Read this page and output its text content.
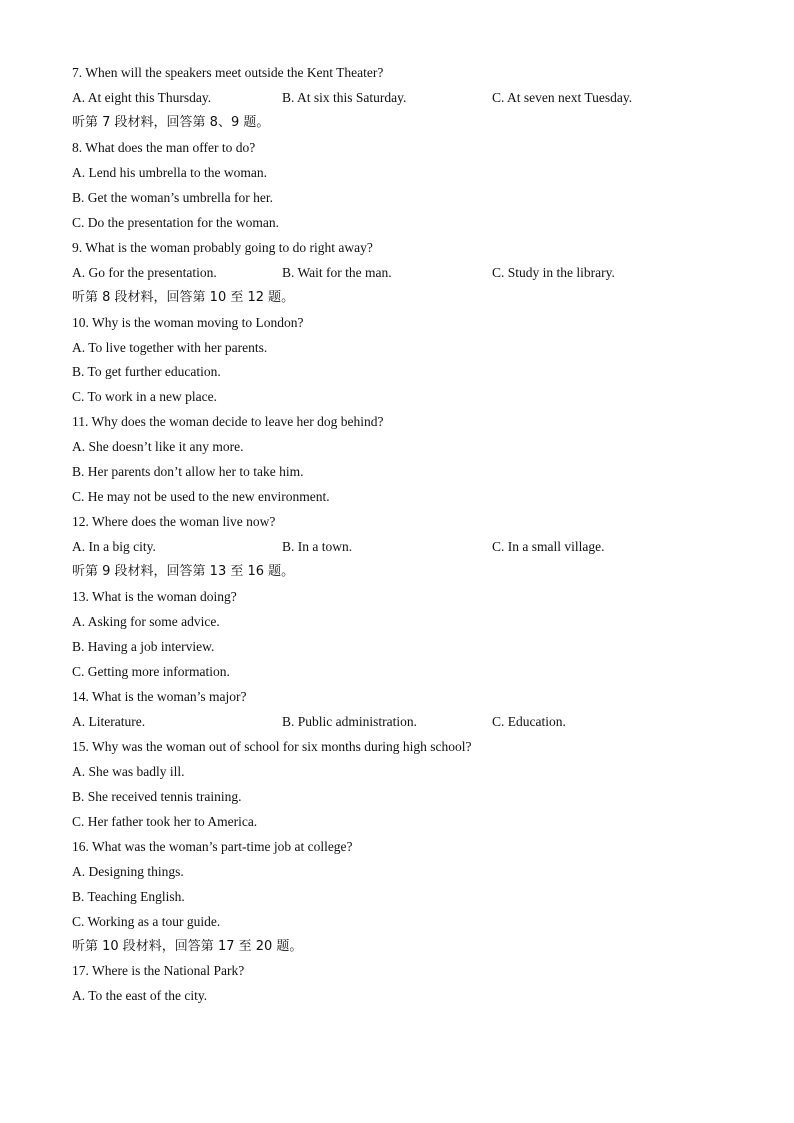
7. When will the speakers meet outside the Kent Theater?
A. At eight this Thursday.	B. At six this Saturday.	C. At seven next Tuesday.
听第 7 段材料，回答第 8、9 题。
8. What does the man offer to do?
A. Lend his umbrella to the woman.
B. Get the woman’s umbrella for her.
C. Do the presentation for the woman.
9. What is the woman probably going to do right away?
A. Go for the presentation.	B. Wait for the man.	C. Study in the library.
听第 8 段材料，回答第 10 至 12 题。
10. Why is the woman moving to London?
A. To live together with her parents.
B. To get further education.
C. To work in a new place.
11. Why does the woman decide to leave her dog behind?
A. She doesn’t like it any more.
B. Her parents don’t allow her to take him.
C. He may not be used to the new environment.
12. Where does the woman live now?
A. In a big city.	B. In a town.	C. In a small village.
听第 9 段材料，回答第 13 至 16 题。
13. What is the woman doing?
A. Asking for some advice.
B. Having a job interview.
C. Getting more information.
14. What is the woman’s major?
A. Literature.	B. Public administration.	C. Education.
15. Why was the woman out of school for six months during high school?
A. She was badly ill.
B. She received tennis training.
C. Her father took her to America.
16. What was the woman’s part-time job at college?
A. Designing things.
B. Teaching English.
C. Working as a tour guide.
听第 10 段材料，回答第 17 至 20 题。
17. Where is the National Park?
A. To the east of the city.
